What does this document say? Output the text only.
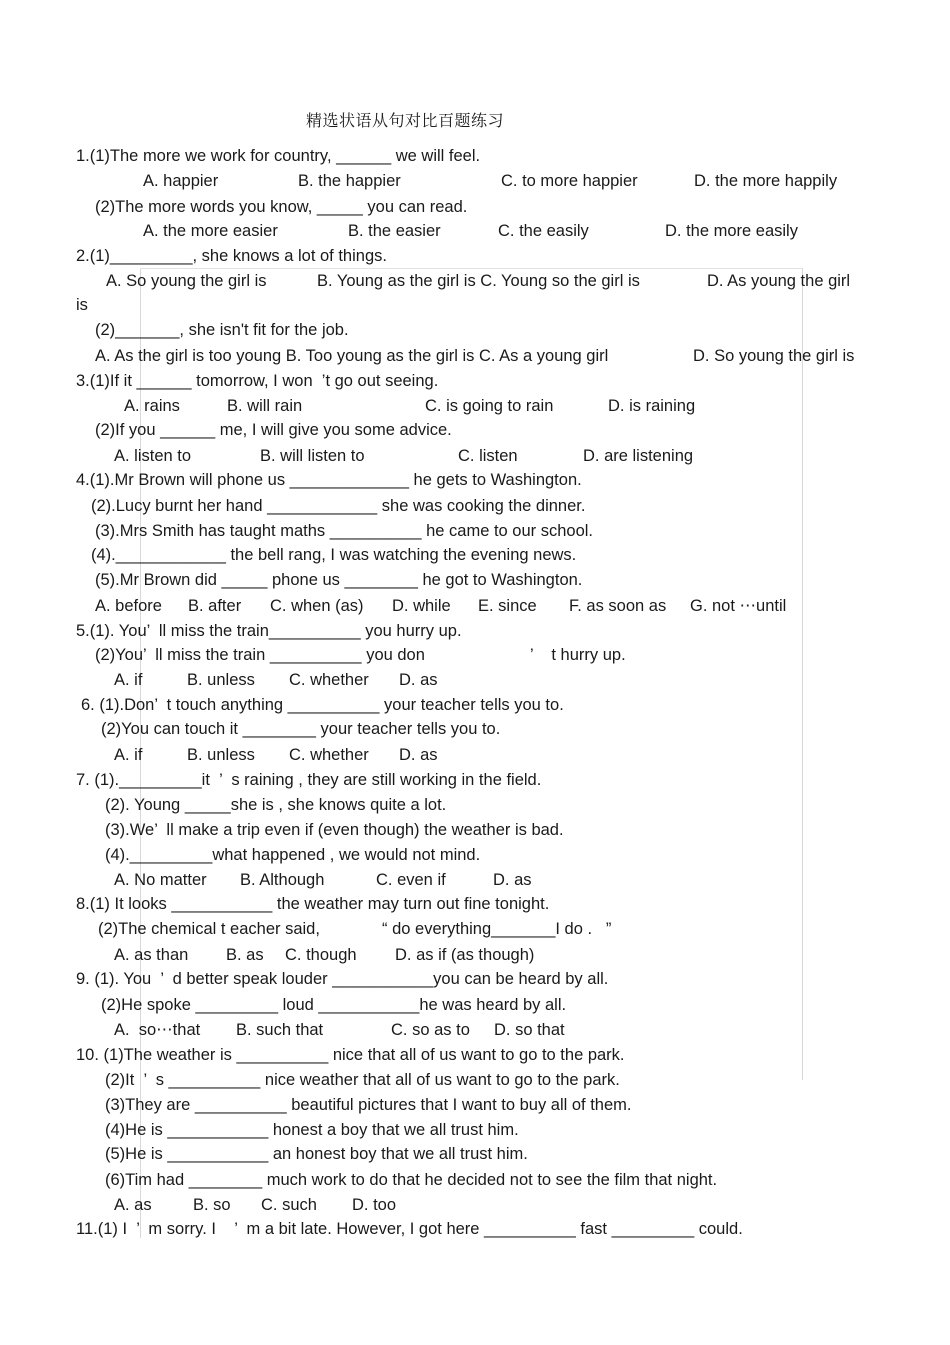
精选状语从句对比百题练习
1.(1)The more we work for country, ______ we will feel.
A. happier	B. the happier	C. to more happier	D. the more happily
(2)The more words you know, _____ you can read.
A. the more easier	B. the easier	C. the easily	D. the more easily
2.(1)_________, she knows a lot of things.
A. So young the girl is	B. Young as the girl is C. Young so the girl is	D. As young the girl
is
(2)_______, she isn't fit for the job.
A. As the girl is too young B. Too young as the girl is C. As a young girl	D. So young the girl is
3.(1)If it ______ tomorrow, I won  ’t go out seeing.
A. rains	B. will rain	C. is going to rain	D. is raining
(2)If you ______ me, I will give you some advice.
A. listen to	B. will listen to	C. listen	D. are listening
4.(1).Mr Brown will phone us _____________ he gets to Washington.
(2).Lucy burnt her hand ____________ she was cooking the dinner.
(3).Mrs Smith has taught maths __________ he came to our school.
(4).____________ the bell rang, I was watching the evening news.
(5).Mr Brown did _____ phone us ________ he got to Washington.
A. before B. after C. when (as) D. while E. since F. as soon as G. not ⋯until
5.(1). You’  ll miss the train__________ you hurry up.
(2)You’  ll miss the train __________ you don	’    t hurry up.
A. if	B. unless C. whether D. as
6. (1).Don’  t touch anything __________ your teacher tells you to.
(2)You can touch it ________ your teacher tells you to.
A. if	B. unless C. whether D. as
7. (1)._________it  ’  s raining , they are still working in the field.
(2). Young _____she is , she knows quite a lot.
(3).We’  ll make a trip even if (even though) the weather is bad.
(4)._________what happened , we would not mind.
A. No matter B. Although	C. even if	D. as
8.(1) It looks ___________ the weather may turn out fine tonight.
(2)The chemical t eacher said,	“ do everything_______I do .   ”
A. as than B. as C. though D. as if (as though)
9. (1). You  ’  d better speak louder ___________you can be heard by all.
(2)He spoke _________ loud ___________he was heard by all.
A.  so⋯that B. such that	C. so as to D. so that
10. (1)The weather is __________ nice that all of us want to go to the park.
(2)It  ’  s __________ nice weather that all of us want to go to the park.
(3)They are __________ beautiful pictures that I want to buy all of them.
(4)He is ___________ honest a boy that we all trust him.
(5)He is ___________ an honest boy that we all trust him.
(6)Tim had ________ much work to do that he decided not to see the film that night.
A. as	B. so C. such D. too
11.(1) I  ’  m sorry. I    ’  m a bit late. However, I got here __________ fast _________ could.
